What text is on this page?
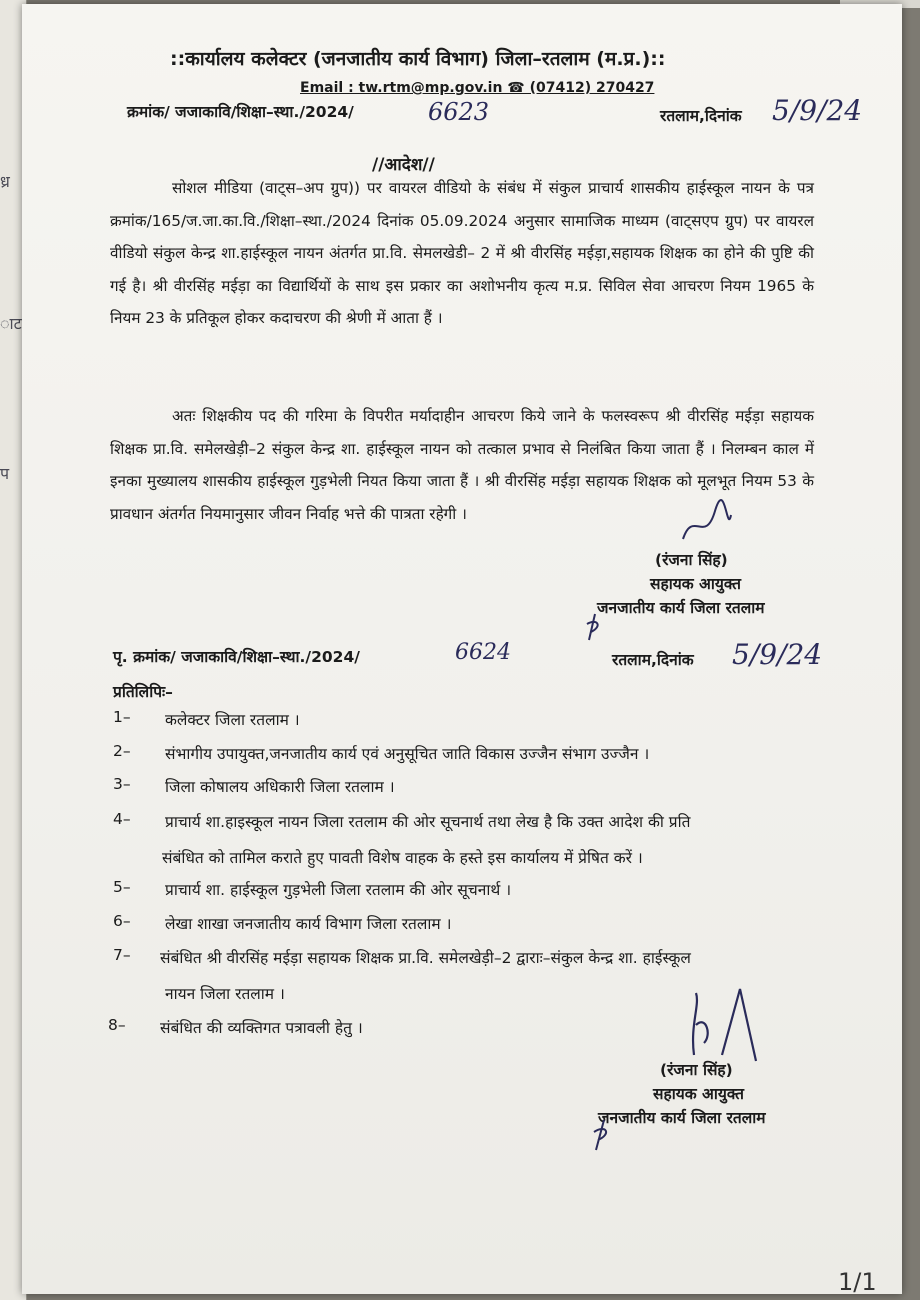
ध्र
ाट
प
::कार्यालय कलेक्टर (जनजातीय कार्य विभाग) जिला–रतलाम (म.प्र.)::
Email : tw.rtm@mp.gov.in ☎ (07412) 270427
क्रमांक/ जजाकावि/शिक्षा–स्था./2024/	6623	रतलाम,दिनांक 5/9/24
//आदेश//
सोशल मीडिया (वाट्स–अप ग्रुप)) पर वायरल वीडियो के संबंध में संकुल प्राचार्य शासकीय हाईस्कूल नायन के पत्र क्रमांक/165/ज.जा.का.वि./शिक्षा–स्था./2024 दिनांक 05.09.2024 अनुसार सामाजिक माध्यम (वाट्सएप ग्रुप) पर वायरल वीडियो संकुल केन्द्र शा.हाईस्कूल नायन अंतर्गत प्रा.वि. सेमलखेडी– 2 में श्री वीरसिंह मईड़ा,सहायक शिक्षक का होने की पुष्टि की गई है। श्री वीरसिंह मईड़ा का विद्यार्थियों के साथ इस प्रकार का अशोभनीय कृत्य म.प्र. सिविल सेवा आचरण नियम 1965 के नियम 23 के प्रतिकूल होकर कदाचरण की श्रेणी में आता हैं ।
अतः शिक्षकीय पद की गरिमा के विपरीत मर्यादाहीन आचरण किये जाने के फलस्वरूप श्री वीरसिंह मईड़ा सहायक शिक्षक प्रा.वि. समेलखेड़ी–2 संकुल केन्द्र शा. हाईस्कूल नायन को तत्काल प्रभाव से निलंबित किया जाता हैं । निलम्बन काल में इनका मुख्यालय शासकीय हाईस्कूल गुड़भेली नियत किया जाता हैं । श्री वीरसिंह मईड़ा सहायक शिक्षक को मूलभूत नियम 53 के प्रावधान अंतर्गत नियमानुसार जीवन निर्वाह भत्ते की पात्रता रहेगी ।
(रंजना सिंह)
सहायक आयुक्त
जनजातीय कार्य जिला रतलाम
पृ. क्रमांक/ जजाकावि/शिक्षा–स्था./2024/	6624	रतलाम,दिनांक 5/9/24
प्रतिलिपिः–
1– कलेक्टर जिला रतलाम ।
2– संभागीय उपायुक्त,जनजातीय कार्य एवं अनुसूचित जाति विकास उज्जैन संभाग उज्जैन ।
3– जिला कोषालय अधिकारी जिला रतलाम ।
4– प्राचार्य शा.हाइस्कूल नायन जिला रतलाम की ओर सूचनार्थ तथा लेख है कि उक्त आदेश की प्रति
संबंधित को तामिल कराते हुए पावती विशेष वाहक के हस्ते इस कार्यालय में प्रेषित करें ।
5– प्राचार्य शा. हाईस्कूल गुड़भेली जिला रतलाम की ओर सूचनार्थ ।
6– लेखा शाखा जनजातीय कार्य विभाग जिला रतलाम ।
7– संबंधित श्री वीरसिंह मईड़ा सहायक शिक्षक प्रा.वि. समेलखेड़ी–2 द्वाराः–संकुल केन्द्र शा. हाईस्कूल
नायन जिला रतलाम ।
8– संबंधित की व्यक्तिगत पत्रावली हेतु ।
(रंजना सिंह)
सहायक आयुक्त
जनजातीय कार्य जिला रतलाम
1/1
